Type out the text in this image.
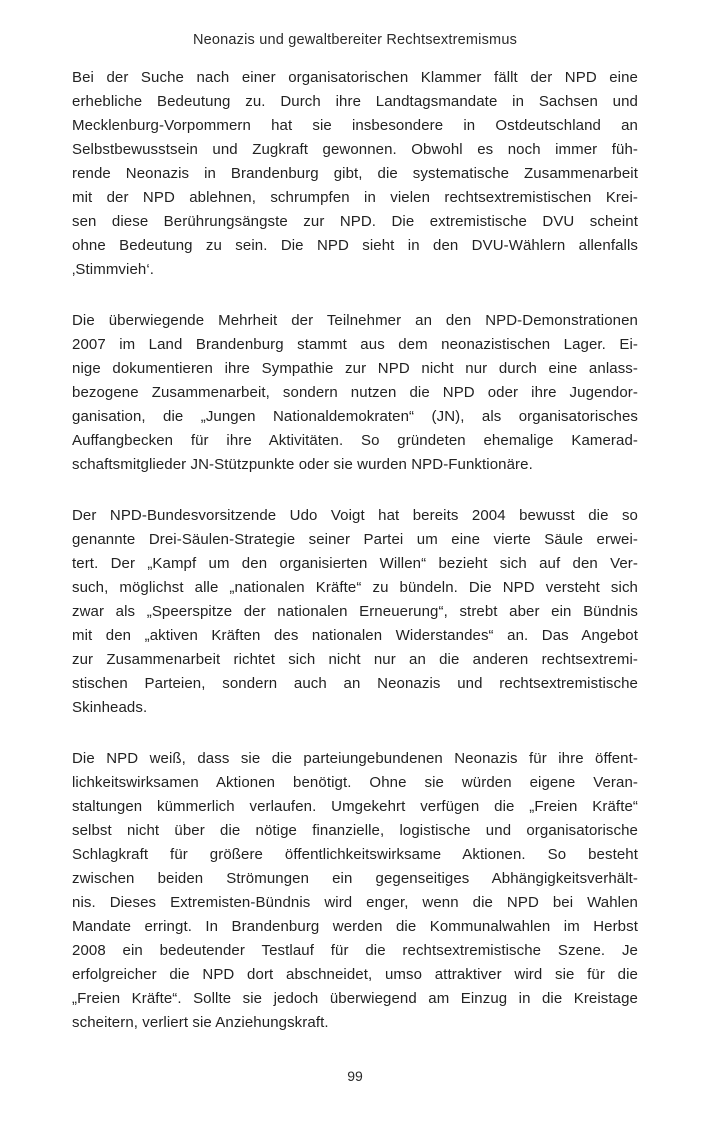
Neonazis und gewaltbereiter Rechtsextremismus
Bei der Suche nach einer organisatorischen Klammer fällt der NPD eine
erhebliche Bedeutung zu. Durch ihre Landtagsmandate in Sachsen und
Mecklenburg-Vorpommern hat sie insbesondere in Ostdeutschland an
Selbstbewusstsein und Zugkraft gewonnen. Obwohl es noch immer füh-
rende Neonazis in Brandenburg gibt, die systematische Zusammenarbeit
mit der NPD ablehnen, schrumpfen in vielen rechtsextremistischen Krei-
sen diese Berührungsängste zur NPD. Die extremistische DVU scheint
ohne Bedeutung zu sein. Die NPD sieht in den DVU-Wählern allenfalls
‚Stimmvieh‘.
Die überwiegende Mehrheit der Teilnehmer an den NPD-Demonstrationen
2007 im Land Brandenburg stammt aus dem neonazistischen Lager. Ei-
nige dokumentieren ihre Sympathie zur NPD nicht nur durch eine anlass-
bezogene Zusammenarbeit, sondern nutzen die NPD oder ihre Jugendor-
ganisation, die „Jungen Nationaldemokraten“ (JN), als organisatorisches
Auffangbecken für ihre Aktivitäten. So gründeten ehemalige Kamerad-
schaftsmitglieder JN-Stützpunkte oder sie wurden NPD-Funktionäre.
Der NPD-Bundesvorsitzende Udo Voigt hat bereits 2004 bewusst die so
genannte Drei-Säulen-Strategie seiner Partei um eine vierte Säule erwei-
tert. Der „Kampf um den organisierten Willen“ bezieht sich auf den Ver-
such, möglichst alle „nationalen Kräfte“ zu bündeln. Die NPD versteht sich
zwar als „Speerspitze der nationalen Erneuerung“, strebt aber ein Bündnis
mit den „aktiven Kräften des nationalen Widerstandes“ an. Das Angebot
zur Zusammenarbeit richtet sich nicht nur an die anderen rechtsextremi-
stischen Parteien, sondern auch an Neonazis und rechtsextremistische
Skinheads.
Die NPD weiß, dass sie die parteiungebundenen Neonazis für ihre öffent-
lichkeitswirksamen Aktionen benötigt. Ohne sie würden eigene Veran-
staltungen kümmerlich verlaufen. Umgekehrt verfügen die „Freien Kräfte“
selbst nicht über die nötige finanzielle, logistische und organisatorische
Schlagkraft für größere öffentlichkeitswirksame Aktionen. So besteht
zwischen beiden Strömungen ein gegenseitiges Abhängigkeitsverhält-
nis. Dieses Extremisten-Bündnis wird enger, wenn die NPD bei Wahlen
Mandate erringt. In Brandenburg werden die Kommunalwahlen im Herbst
2008 ein bedeutender Testlauf für die rechtsextremistische Szene. Je
erfolgreicher die NPD dort abschneidet, umso attraktiver wird sie für die
„Freien Kräfte“. Sollte sie jedoch überwiegend am Einzug in die Kreistage
scheitern, verliert sie Anziehungskraft.
99
